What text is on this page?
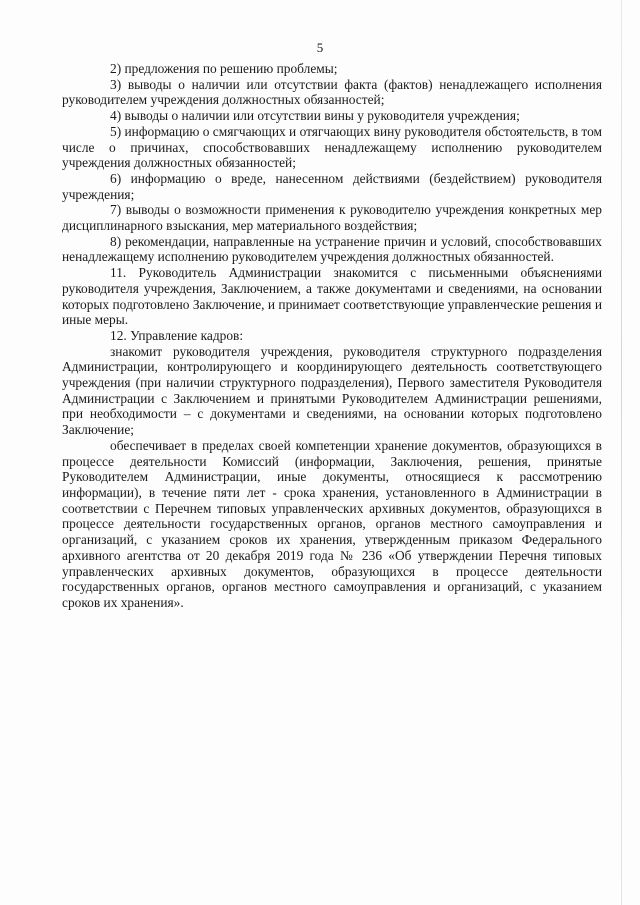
5

2) предложения по решению проблемы;

3) выводы о наличии или отсутствии факта (фактов) ненадлежащего исполнения руководителем учреждения должностных обязанностей;

4) выводы о наличии или отсутствии вины у руководителя учреждения;

5) информацию о смягчающих и отягчающих вину руководителя обстоятельств, в том числе о причинах, способствовавших ненадлежащему исполнению руководителем учреждения должностных обязанностей;

6) информацию о вреде, нанесенном действиями (бездействием) руководителя учреждения;

7) выводы о возможности применения к руководителю учреждения конкретных мер дисциплинарного взыскания, мер материального воздействия;

8) рекомендации, направленные на устранение причин и условий, способствовавших ненадлежащему исполнению руководителем учреждения должностных обязанностей.

11. Руководитель Администрации знакомится с письменными объяснениями руководителя учреждения, Заключением, а также документами и сведениями, на основании которых подготовлено Заключение, и принимает соответствующие управленческие решения и иные меры.

12. Управление кадров:

знакомит руководителя учреждения, руководителя структурного подразделения Администрации, контролирующего и координирующего деятельность соответствующего учреждения (при наличии структурного подразделения), Первого заместителя Руководителя Администрации с Заключением и принятыми Руководителем Администрации решениями, при необходимости – с документами и сведениями, на основании которых подготовлено Заключение;

обеспечивает в пределах своей компетенции хранение документов, образующихся в процессе деятельности Комиссий (информации, Заключения, решения, принятые Руководителем Администрации, иные документы, относящиеся к рассмотрению информации), в течение пяти лет - срока хранения, установленного в Администрации в соответствии с Перечнем типовых управленческих архивных документов, образующихся в процессе деятельности государственных органов, органов местного самоуправления и организаций, с указанием сроков их хранения, утвержденным приказом Федерального архивного агентства от 20 декабря 2019 года № 236 «Об утверждении Перечня типовых управленческих архивных документов, образующихся в процессе деятельности государственных органов, органов местного самоуправления и организаций, с указанием сроков их хранения».
